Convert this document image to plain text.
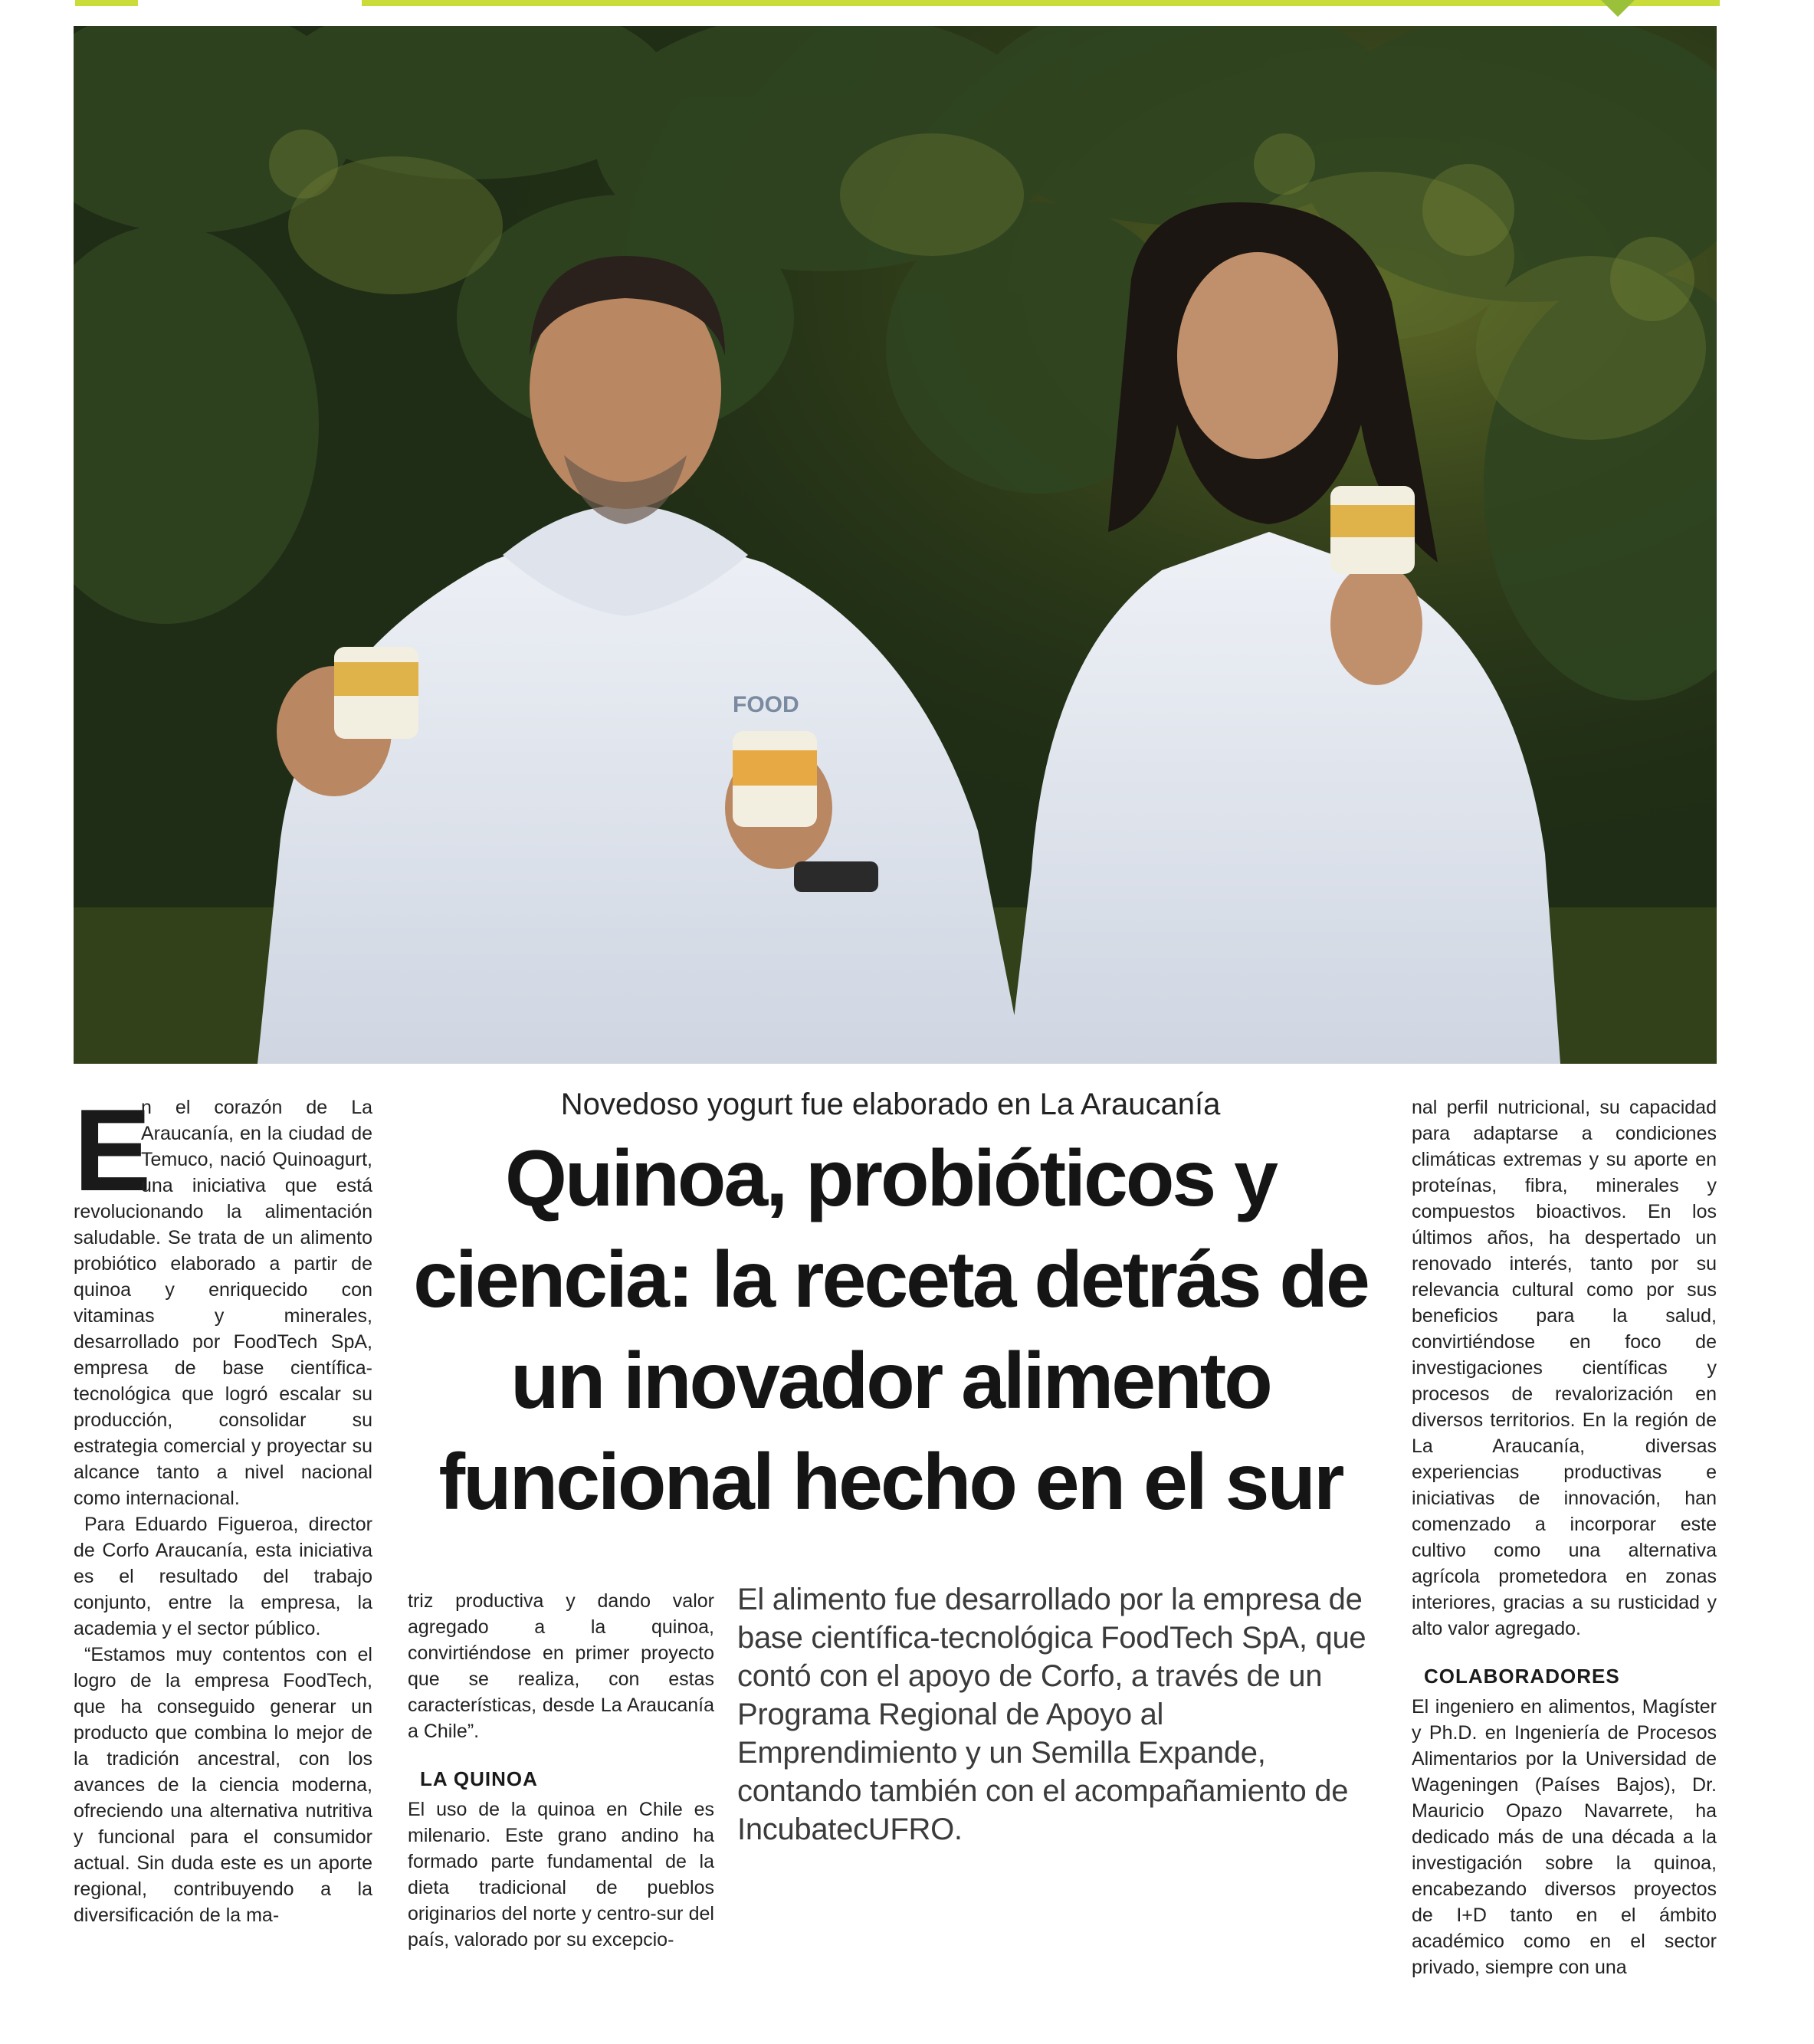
FOOD
E

n el corazón de La Araucanía, en la ciudad de Temuco, nació Quinoagurt, una iniciativa que está revolucionando la alimentación saludable. Se trata de un alimento probiótico elaborado a partir de quinoa y enriquecido con vitaminas y minerales, desarrollado por FoodTech SpA, empresa de base científica-tecnológica que logró escalar su producción, consolidar su estrategia comercial y proyectar su alcance tanto a nivel nacional como internacional.

Para Eduardo Figueroa, director de Corfo Araucanía, esta iniciativa es el resultado del trabajo conjunto, entre la empresa, la academia y el sector público.

“Estamos muy contentos con el logro de la empresa FoodTech, que ha conseguido generar un producto que combina lo mejor de la tradición ancestral, con los avances de la ciencia moderna, ofreciendo una alternativa nutritiva y funcional para el consumidor actual. Sin duda este es un aporte regional, contribuyendo a la diversificación de la ma-

Novedoso yogurt fue elaborado en La Araucanía
Quinoa, probióticos y ciencia: la receta detrás de un inovador alimento funcional hecho en el sur

triz productiva y dando valor agregado a la quinoa, convirtiéndose en primer proyecto que se realiza, con estas características, desde La Araucanía a Chile”.

LA QUINOA

El uso de la quinoa en Chile es milenario. Este grano andino ha formado parte fundamental de la dieta tradicional de pueblos originarios del norte y centro-sur del país, valorado por su excepcio-

El alimento fue desarrollado por la empresa de base científica-tecnológica FoodTech SpA, que contó con el apoyo de Corfo, a través de un Programa Regional de Apoyo al Emprendimiento y un Semilla Expande, contando también con el acompañamiento de IncubatecUFRO.

nal perfil nutricional, su capacidad para adaptarse a condiciones climáticas extremas y su aporte en proteínas, fibra, minerales y compuestos bioactivos. En los últimos años, ha despertado un renovado interés, tanto por su relevancia cultural como por sus beneficios para la salud, convirtiéndose en foco de investigaciones científicas y procesos de revalorización en diversos territorios. En la región de La Araucanía, diversas experiencias productivas e iniciativas de innovación, han comenzado a incorporar este cultivo como una alternativa agrícola prometedora en zonas interiores, gracias a su rusticidad y alto valor agregado.

COLABORADORES

El ingeniero en alimentos, Magíster y Ph.D. en Ingeniería de Procesos Alimentarios por la Universidad de Wageningen (Países Bajos), Dr. Mauricio Opazo Navarrete, ha dedicado más de una década a la investigación sobre la quinoa, encabezando diversos proyectos de I+D tanto en el ámbito académico como en el sector privado, siempre con una
